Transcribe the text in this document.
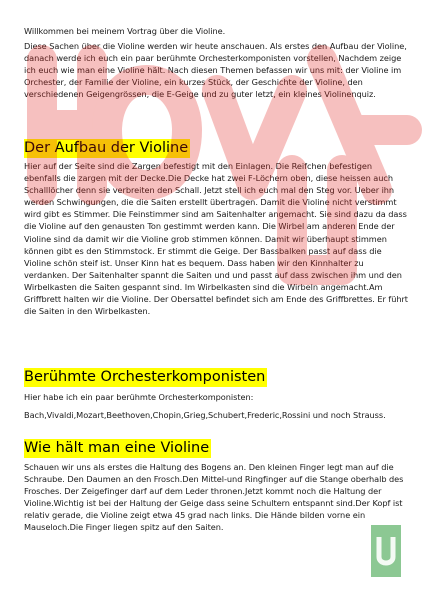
Willkommen bei meinem Vortrag über die Violine.
Diese Sachen über die Violine werden wir heute anschauen. Als erstes den Aufbau der Violine, danach werde ich euch ein paar berühmte Orchesterkomponisten vorstellen, Nachdem zeige ich euch wie man eine Violine hält. Nach diesen Themen befassen wir uns mit: der Violine im Orchester, der Familie der Violine, ein kurzes Stück, der Geschichte der Violine, den verschiedenen Geigengrössen, die E-Geige und zu guter letzt, ein kleines Violinenquiz.
Der Aufbau der Violine
Hier auf der Seite sind die Zargen befestigt mit den Einlagen. Die Reifchen befestigen ebenfalls die zargen mit der Decke.Die Decke hat zwei F-Löchern oben, diese heissen auch Schalllöcher denn sie verbreiten den Schall. Jetzt stell ich euch mal den Steg vor. Ueber ihn werden Schwingungen, die die Saiten erstellt übertragen. Damit die Violine nicht verstimmt wird gibt es Stimmer. Die Feinstimmer sind am Saitenhalter angemacht. Sie sind dazu da dass die Violine auf den genausten Ton gestimmt werden kann. Die Wirbel am anderen Ende der Violine sind da damit wir die Violine grob stimmen können. Damit wir überhaupt stimmen können gibt es den Stimmstock. Er stimmt die Geige. Der Bassbalken passt auf dass die Violine schön steif ist. Unser Kinn hat es bequem. Dass haben wir den Kinnhalter zu verdanken. Der Saitenhalter spannt die Saiten und und passt auf dass zwischen ihm und den Wirbelkasten die Saiten gespannt sind. Im Wirbelkasten sind die Wirbeln angemacht.Am Griffbrett halten wir die Violine. Der Obersattel befindet sich am Ende des Griffbrettes. Er führt die Saiten in den Wirbelkasten.
Berühmte Orchesterkomponisten
Hier habe ich ein paar berühmte Orchesterkomponisten:
Bach,Vivaldi,Mozart,Beethoven,Chopin,Grieg,Schubert,Frederic,Rossini und noch Strauss.
Wie hält man eine Violine
Schauen wir uns als erstes die Haltung des Bogens an. Den kleinen Finger legt man auf die Schraube. Den Daumen an den Frosch.Den Mittel-und Ringfinger auf die Stange oberhalb des Frosches. Der Zeigefinger darf auf dem Leder thronen.Jetzt kommt noch die Haltung der Violine.Wichtig ist bei der Haltung der Geige dass seine Schultern entspannt sind.Der Kopf ist relativ gerade, die Violine zeigt etwa 45 grad nach links. Die Hände bilden vorne ein Mauseloch.Die Finger liegen spitz auf den Saiten.
